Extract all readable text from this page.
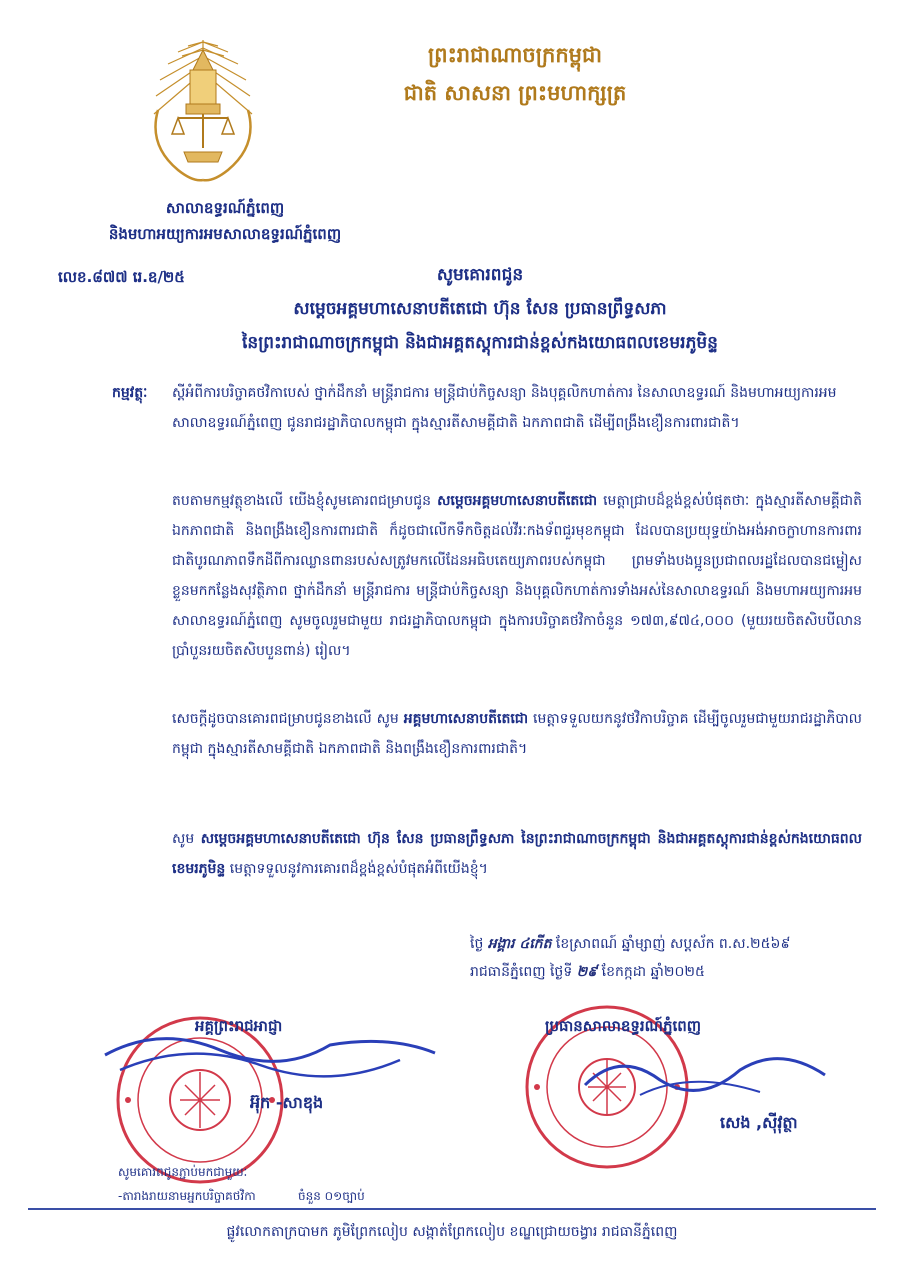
ព្រះរាជាណាចក្រកម្ពុជា
ជាតិ សាសនា ព្រះមហាក្សត្រ
សាលាឧទ្ធរណ៍ភ្នំពេញ
និងមហាអយ្យការអមសាលាឧទ្ធរណ៍ភ្នំពេញ
លេខ.៨៧៧ រេ.ឧ/២៥	សូមគោរពជូន
សម្តេចអគ្គមហាសេនាបតីតេជោ ហ៊ុន សែន ប្រធានព្រឹទ្ធសភា
នៃព្រះរាជាណាចក្រកម្ពុជា និងជាអគ្គតស្ដុការជាន់ខ្ពស់កងយោធពលខេមរភូមិន្ទ
កម្មវត្ថុៈ ស្ដីអំពីការបរិច្ចាគថវិកាបេស់ ថ្នាក់ដឹកនាំ មន្ត្រីរាជការ មន្ត្រីជាប់កិច្ចសន្យា និងបុគ្គលិកហាត់ការ នៃសាលាឧទ្ធរណ៍ និងមហាអយ្យការអមសាលាឧទ្ធរណ៍ភ្នំពេញ ជូនរាជរដ្ឋាភិបាលកម្ពុជា ក្នុងស្មារតីសាមគ្គីជាតិ ឯកភាពជាតិ ដើម្បីពង្រឹងខឿនការពារជាតិ។
តបតាមកម្មវត្ថុខាងលើ យើងខ្ញុំសូមគោរពជម្រាបជូន សម្តេចអគ្គមហាសេនាបតីតេជោ មេត្តាជ្រាបដ៏ខ្ពង់ខ្ពស់បំផុតថាៈ ក្នុងស្មារតីសាមគ្គីជាតិ ឯកភាពជាតិ និងពង្រឹងខឿនការពារជាតិ ក៏ដូចជាលើកទឹកចិត្តដល់វីរៈកងទ័ពជួរមុខកម្ពុជា ដែលបានប្រយុទ្ធយ៉ាងអង់អាចក្លាហានការពារជាតិបូរណភាពទឹកដីពីការឈ្លានពានរបស់សត្រូវមកលើដែនអធិបតេយ្យភាពរបស់កម្ពុជា ព្រមទាំងបងប្អូនប្រជាពលរដ្ឋដែលបានជម្លៀសខ្លួនមកកន្លែងសុវត្ថិភាព ថ្នាក់ដឹកនាំ មន្ត្រីរាជការ មន្ត្រីជាប់កិច្ចសន្យា និងបុគ្គលិកហាត់ការទាំងអស់នៃសាលាឧទ្ធរណ៍ និងមហាអយ្យការអមសាលាឧទ្ធរណ៍ភ្នំពេញ សូមចូលរួមជាមួយ រាជរដ្ឋាភិបាលកម្ពុជា ក្នុងការបរិច្ចាគថវិកាចំនួន ១៧៣,៩៧៤,០០០ (មួយរយចិតសិបបីលាន ប្រាំបួនរយចិតសិបបួនពាន់) រៀល។
សេចក្ដីដូចបានគោរពជម្រាបជូនខាងលើ សូម អគ្គមហាសេនាបតីតេជោ មេត្តាទទួលយកនូវថវិកាបរិច្ចាគ ដើម្បីចូលរួមជាមួយរាជរដ្ឋាភិបាលកម្ពុជា ក្នុងស្មារតីសាមគ្គីជាតិ ឯកភាពជាតិ និងពង្រឹងខឿនការពារជាតិ។
សូម សម្តេចអគ្គមហាសេនាបតីតេជោ ហ៊ុន សែន ប្រធានព្រឹទ្ធសភា នៃព្រះរាជាណាចក្រកម្ពុជា និងជាអគ្គតស្ដុការជាន់ខ្ពស់កងយោធពលខេមរភូមិន្ទ មេត្តាទទួលនូវការគោរពដ៏ខ្ពង់ខ្ពស់បំផុតអំពីយើងខ្ញុំ។
ថ្ងៃ អង្គារ ៤កើត ខែស្រាពណ៍ ឆ្នាំម្សាញ់ សប្តស័ក ព.ស.២៥៦៩
រាជធានីភ្នំពេញ ថ្ងៃទី ២៩ ខែកក្កដា ឆ្នាំ២០២៥
អគ្គព្រះរាជអាជ្ញា	ប្រធានសាលាឧទ្ធរណ៍ភ្នំពេញ
អ៊ុក -សាឌុង
សេង ,ស៊ីវុត្ថា
សូមគោរពជូនភ្ជាប់មកជាមួយៈ
-តារាងរាយនាមអ្នកបរិច្ចាគថវិកា	ចំនួន ០១ច្បាប់
ផ្លូវលោកតាក្របាមក ភូមិព្រែកលៀប សង្កាត់ព្រែកលៀប ខណ្ឌជ្រោយចង្វារ រាជធានីភ្នំពេញ
